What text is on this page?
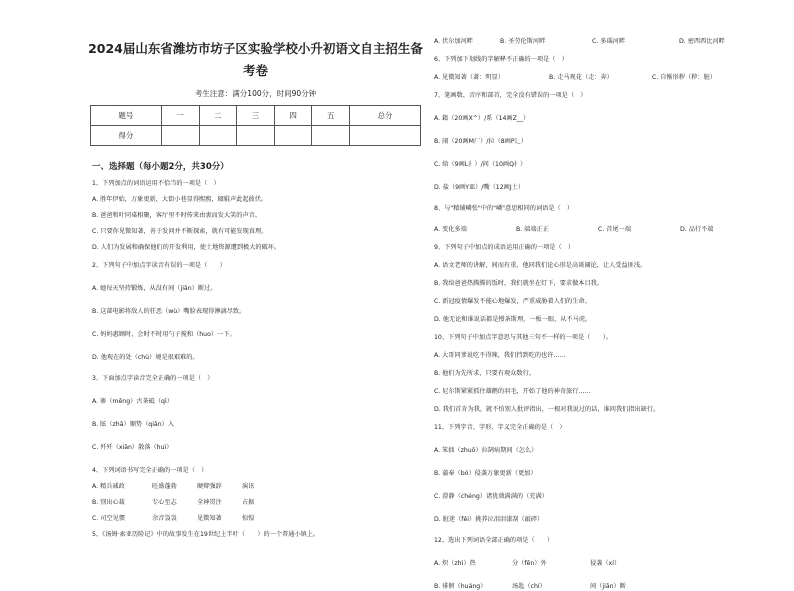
2024届山东省潍坊市坊子区实验学校小升初语文自主招生备
考卷
考生注意：满分100分，时间90分钟
题号	一	二	三	四	五	总分
得分						
一、选择题（每小题2分，共30分）
1、下列加点的词语运用不恰当的一项是（　）
A. 胜年伊始，万象更新，大街小巷显得熙熙，辍辊声此起彼伏。
B. 爸爸和叶同桌相聚，客厅里不时传来由衷而发大笑的声音。
C. 只要你见微知著，善于发问并不断探索，就有可能发现真理。
D. 人们为发展和确保他们的开发利用，使土地资源遭到极大的破坏。
2、下列句子中加点字读音有误的一项是（　　）
A. 她每天坚持锻炼，从没有间（jiān）断过。
B. 这部电影将敌人的狂恶（wù）嘴脸表现得淋漓尽致。
C. 妈妈惠顾时，会时不时用勺子搅和（huo）一下。
D. 他观在的处（chù）境是很艰难的。
3、下面加点字读音完全正确的一项是（　）
A. 寨（mēng）古茶砥（qì）
B. 眩（zhā）顺势（qiān）入
C. 歼歼（xiān）散落（huì）
4、下列词语书写完全正确的一项是（　）
A. 精兵减政	旺盛蓬勃	硬辩强辞	演讯
B. 别出心裁	专心至志	全神贯注	占据
C. 司空见惯	余音袅袅	见微知著	惊惶
5、《汤姆·索亚历险记》中的故事发生在19世纪上半叶（　　）的一个普通小镇上。
A. 伏尔加河畔	B. 圣劳伦斯河畔	C. 多瑙河畔	D. 密西西比河畔
6、下列加下划线的字解释不正确的一项是（　）
A. 见微知著（著：明显）	B. 走马观花（走：奔）	C. 自惭形秽（秽：脏）
7、笔画数、音序和部首，完全没有错误的一项是（　）
A. 籍（20画X^）/系（14画Z__）
B. 闹（20画M厂）/拉（8画P辶）
C. 给（9画L扌）/问（10画Q扌）
D. 盐（9画Y皿）/嘴（12画J土）
8、与"精辅嶙张"中的"嶙"意思相同的词语是（　）
A. 变化多端	B. 端端正正	C. 首尾一端	D. 品行不端
9、下列句子中加点的成语运用正确的一项是（　）
A. 语文老师的讲解，间而有重，他同我们论心形是高谈阔论，让人受益匪浅。
B. 我给爸爸热腾腾的饭时，我们就坐在灯下，要求做本目我。
C. 新冠疫情爆发不能心地爆发，严重威胁着人们的生命。
D. 他无论和谁说话都是慢条斯理，一板一眼，从不马虎。
10、下列句子中加点字意思与其他三句不一样的一项是（　　）。
A. 大哥同爹说吃不得辣，我们挡到吃的也许……
B. 他们为先所求，只要有观众数行。
C. 尼尔斯紧紧抓住雄鹅的羽毛，开始了他的神奇旅行……
D. 我们首肯为我，就不怕别人批评指出，一根对我说过的话，谁问我们指出缺行。
11、下列字音、字形、字义完全正确的是（　）
A. 笨拙（zhuō）拉鹄病期间（怎么）
B. 蒲奉（bó）侵袭万象更新（更加）
C. 澄静（chéng）诸犹戟满满的（充满）
D. 脏迷（fěi）挑养泣泪泪漆刮（敲碎）
12、选出下列词语全部正确的项是（　　）
A. 炽（zhì）热	分（fēn）外	侵袭（xí）
B. 徘徊（huáng）	汤匙（chí）	间（jiān）断
